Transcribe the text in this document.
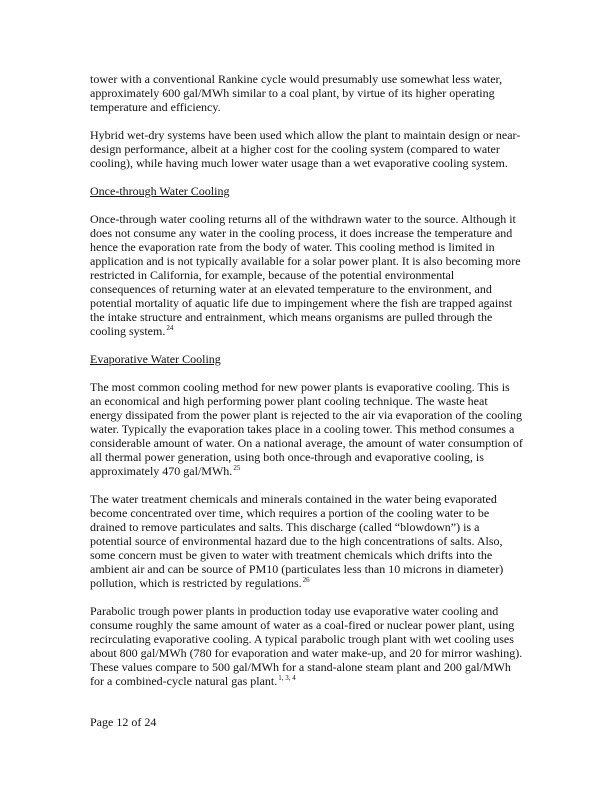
tower with a conventional Rankine cycle would presumably use somewhat less water, approximately 600 gal/MWh similar to a coal plant, by virtue of its higher operating temperature and efficiency.

Hybrid wet-dry systems have been used which allow the plant to maintain design or near-design performance, albeit at a higher cost for the cooling system (compared to water cooling), while having much lower water usage than a wet evaporative cooling system.

Once-through Water Cooling

Once-through water cooling returns all of the withdrawn water to the source. Although it does not consume any water in the cooling process, it does increase the temperature and hence the evaporation rate from the body of water. This cooling method is limited in application and is not typically available for a solar power plant. It is also becoming more restricted in California, for example, because of the potential environmental consequences of returning water at an elevated temperature to the environment, and potential mortality of aquatic life due to impingement where the fish are trapped against the intake structure and entrainment, which means organisms are pulled through the cooling system.$^{24}$

Evaporative Water Cooling

The most common cooling method for new power plants is evaporative cooling. This is an economical and high performing power plant cooling technique. The waste heat energy dissipated from the power plant is rejected to the air via evaporation of the cooling water. Typically the evaporation takes place in a cooling tower. This method consumes a considerable amount of water. On a national average, the amount of water consumption of all thermal power generation, using both once-through and evaporative cooling, is approximately 470 gal/MWh.$^{25}$

The water treatment chemicals and minerals contained in the water being evaporated become concentrated over time, which requires a portion of the cooling water to be drained to remove particulates and salts. This discharge (called “blowdown”) is a potential source of environmental hazard due to the high concentrations of salts. Also, some concern must be given to water with treatment chemicals which drifts into the ambient air and can be source of PM10 (particulates less than 10 microns in diameter) pollution, which is restricted by regulations.$^{26}$

Parabolic trough power plants in production today use evaporative water cooling and consume roughly the same amount of water as a coal-fired or nuclear power plant, using recirculating evaporative cooling. A typical parabolic trough plant with wet cooling uses about 800 gal/MWh (780 for evaporation and water make-up, and 20 for mirror washing). These values compare to 500 gal/MWh for a stand-alone steam plant and 200 gal/MWh for a combined-cycle natural gas plant.$^{1, 3, 4}$

Page 12 of 24
